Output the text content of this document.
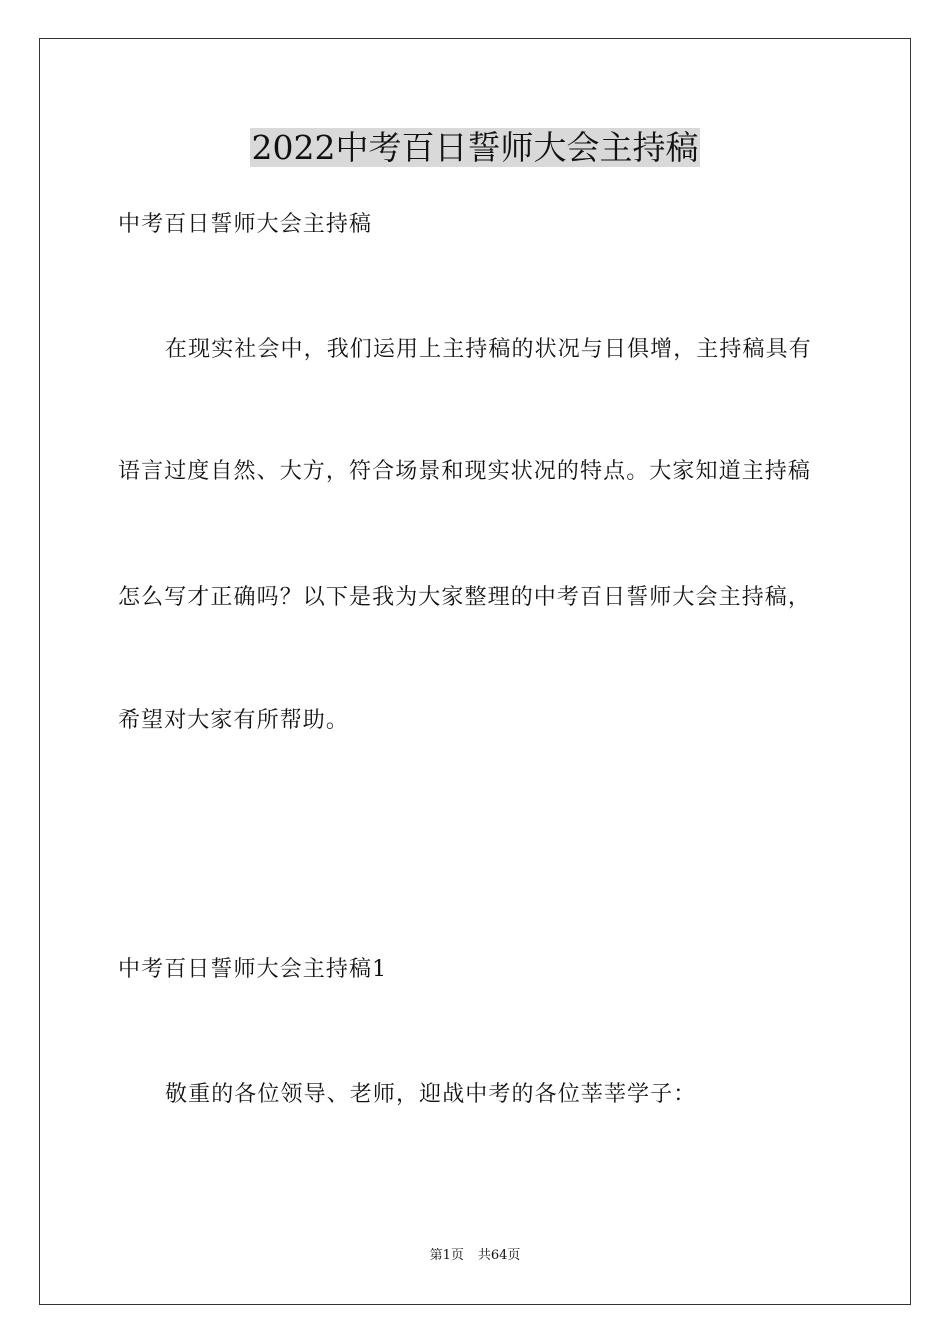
2022中考百日誓师大会主持稿

中考百日誓师大会主持稿

在现实社会中，我们运用上主持稿的状况与日俱增，主持稿具有

语言过度自然、大方，符合场景和现实状况的特点。大家知道主持稿

怎么写才正确吗？以下是我为大家整理的中考百日誓师大会主持稿，

希望对大家有所帮助。

中考百日誓师大会主持稿1

敬重的各位领导、老师，迎战中考的各位莘莘学子：

第1页 共64页
